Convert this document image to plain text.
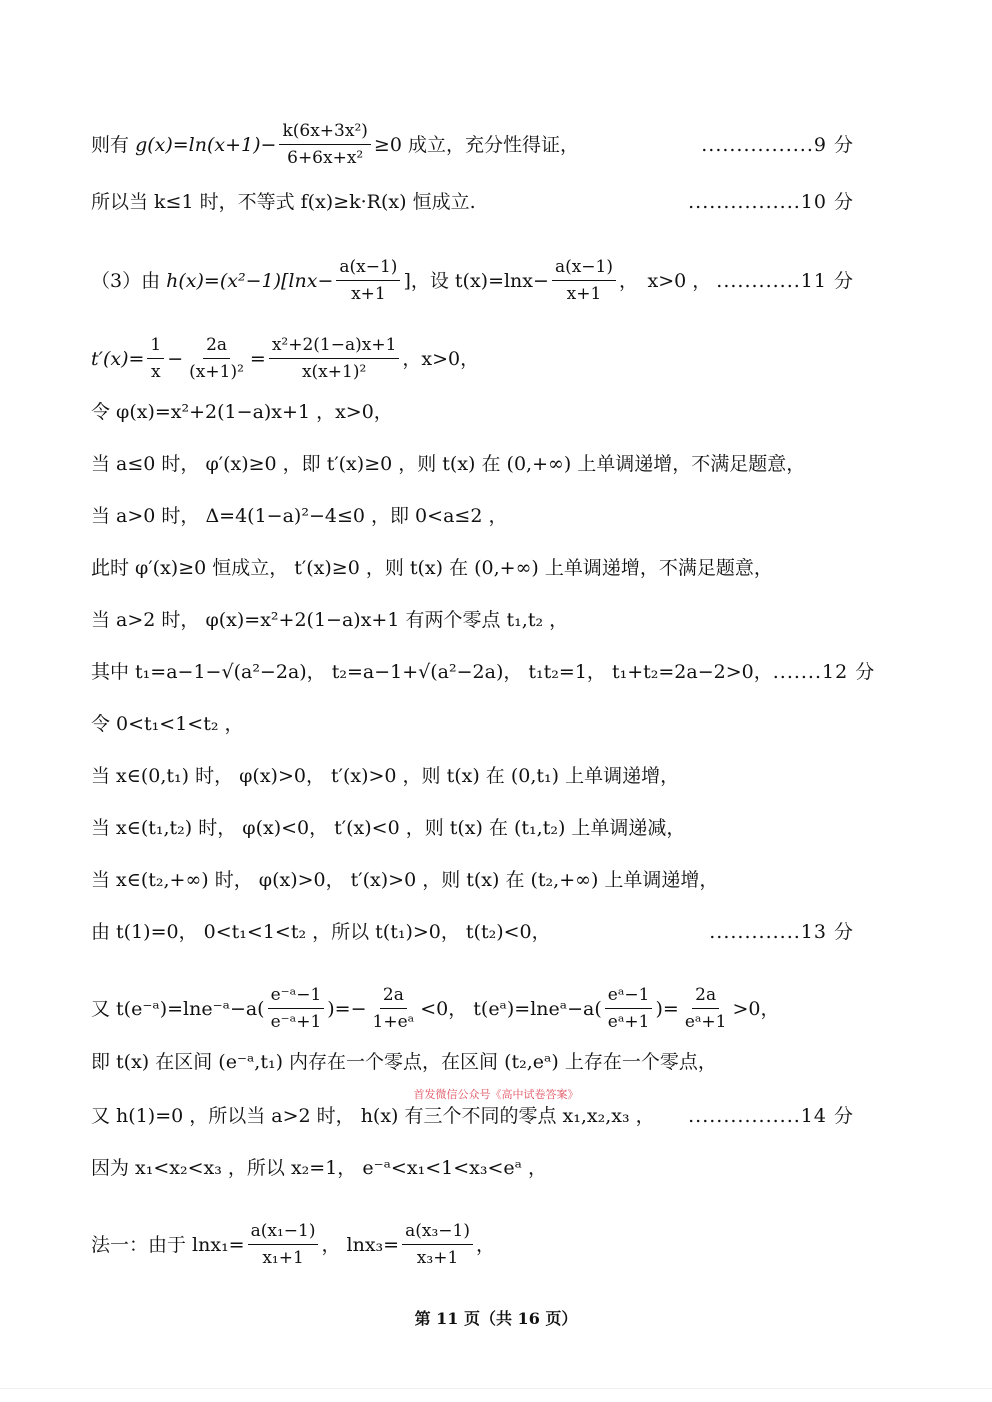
则有
$g(x)=\ln(x+1)- \frac{\text{k(6x+3x²)}}{\text{6+6x+x²}} \ge 0$ 成立，充分性得证，	................9 分
所以当 k≤1 时，不等式 f(x)≥k·R(x) 恒成立.	................10 分
（3）由
$h(x)=(x^2-1)[\ln x- \frac{a(x-1)}{x+1}$ ]，设 $t(x)=\ln x- \frac{a(x-1)}{x+1}$ ，　x>0 ， ............11 分
$t'(x)= \frac{1}{x} - \frac{2a}{\text{(x+1)²}} = \frac{\text{x²+2(1−a)x+1}}{\text{x(x+1)²}}$ ，x>0，
令 φ(x)=x²+2(1−a)x+1 ，x>0，
当 a≤0 时， φ′(x)≥0 ，即 t′(x)≥0 ，则 t(x) 在 (0,+∞) 上单调递增，不满足题意，
当 a>0 时， Δ=4(1−a)²−4≤0 ，即 0<a≤2 ，
此时 φ′(x)≥0 恒成立， t′(x)≥0 ，则 t(x) 在 (0,+∞) 上单调递增，不满足题意，
当 a>2 时， φ(x)=x²+2(1−a)x+1 有两个零点 t₁,t₂ ，
其中 t₁=a−1−√(a²−2a)， t₂=a−1+√(a²−2a)， t₁t₂=1， t₁+t₂=2a−2>0， .......12 分
令 0<t₁<1<t₂ ，
当 x∈(0,t₁) 时， φ(x)>0， t′(x)>0 ，则 t(x) 在 (0,t₁) 上单调递增，
当 x∈(t₁,t₂) 时， φ(x)<0， t′(x)<0 ，则 t(x) 在 (t₁,t₂) 上单调递减，
当 x∈(t₂,+∞) 时， φ(x)>0， t′(x)>0 ，则 t(x) 在 (t₂,+∞) 上单调递增，
由 t(1)=0， 0<t₁<1<t₂ ，所以 t(t₁)>0， t(t₂)<0，	.............13 分
又 t(e⁻ᵃ)=lne⁻ᵃ−a( $\frac{\text{e⁻ᵃ−1}}{\text{e⁻ᵃ+1}}$ )=− $\frac{2a}{\text{1+eᵃ}} <0$， t(eᵃ)=lneᵃ−a( $\frac{\text{eᵃ−1}}{\text{eᵃ+1}}$ )= $\frac{2a}{\text{eᵃ+1}} >0$，
即 t(x) 在区间 (e⁻ᵃ,t₁) 内存在一个零点，在区间 (t₂,eᵃ) 上存在一个零点，
首发微信公众号《高中试卷答案》
又 h(1)=0 ，所以当 a>2 时， h(x) 有三个不同的零点 x₁,x₂,x₃ ， ................14 分
因为 x₁<x₂<x₃ ，所以 x₂=1， e⁻ᵃ<x₁<1<x₃<eᵃ ，
法一：由于 $\ln x_1= \frac{\text{a(x₁−1)}}{\text{x₁+1}}$ ， $\ln x_3= \frac{\text{a(x₃−1)}}{\text{x₃+1}}$ ，
第 11 页（共 16 页）
